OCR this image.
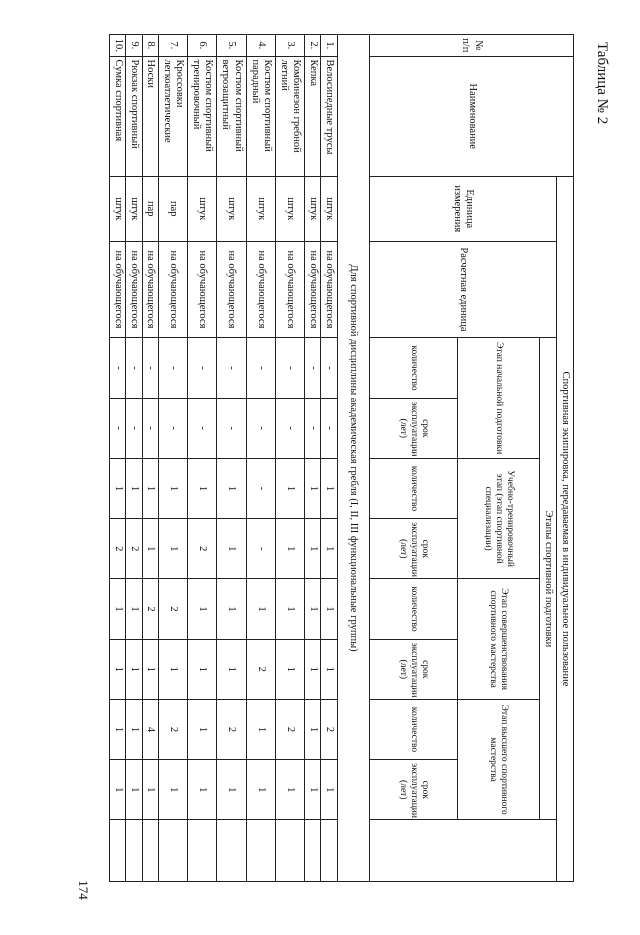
174
Таблица № 2
№ п/п	Наименование	Спортивная экипировка, передаваемая в индивидуальное пользование										
		Единица измерения	Расчетная единица	Этапы спортивной подготовки								
				Этап начальной подготовки		Учебно-тренировочный этап (этап спортивной специализации)		Этап совершенствования спортивного мастерства		Этап высшего спортивного мастерства		
				количество	срок эксплуатации (лет)	количество	срок эксплуатации (лет)	количество	срок эксплуатации (лет)	количество	срок эксплуатации (лет)	
Для спортивной дисциплины академическая гребля (I, II, III функциональные группы)												
1.	Велосипедные трусы	штук	на обучающегося	-	-	1	1	1	1	2	1	
2.	Кепка	штук	на обучающегося	-	-	1	1	1	1	1	1	
3.	Комбинезон гребной летний	штук	на обучающегося	-	-	1	1	1	1	2	1	
4.	Костюм спортивный парадный	штук	на обучающегося	-	-	-	-	1	2	1	1	
5.	Костюм спортивный ветрозащитный	штук	на обучающегося	-	-	1	1	1	1	2	1	
6.	Костюм спортивный тренировочный	штук	на обучающегося	-	-	1	2	1	1	1	1	
7.	Кроссовки легкоатлетические	пар	на обучающегося	-	-	1	1	2	1	2	1	
8.	Носки	пар	на обучающегося	-	-	1	1	2	1	4	1	
9.	Рюкзак спортивный	штук	на обучающегося	-	-	1	2	1	1	1	1	
10.	Сумка спортивная	штук	на обучающегося	-	-	1	2	1	1	1	1	
